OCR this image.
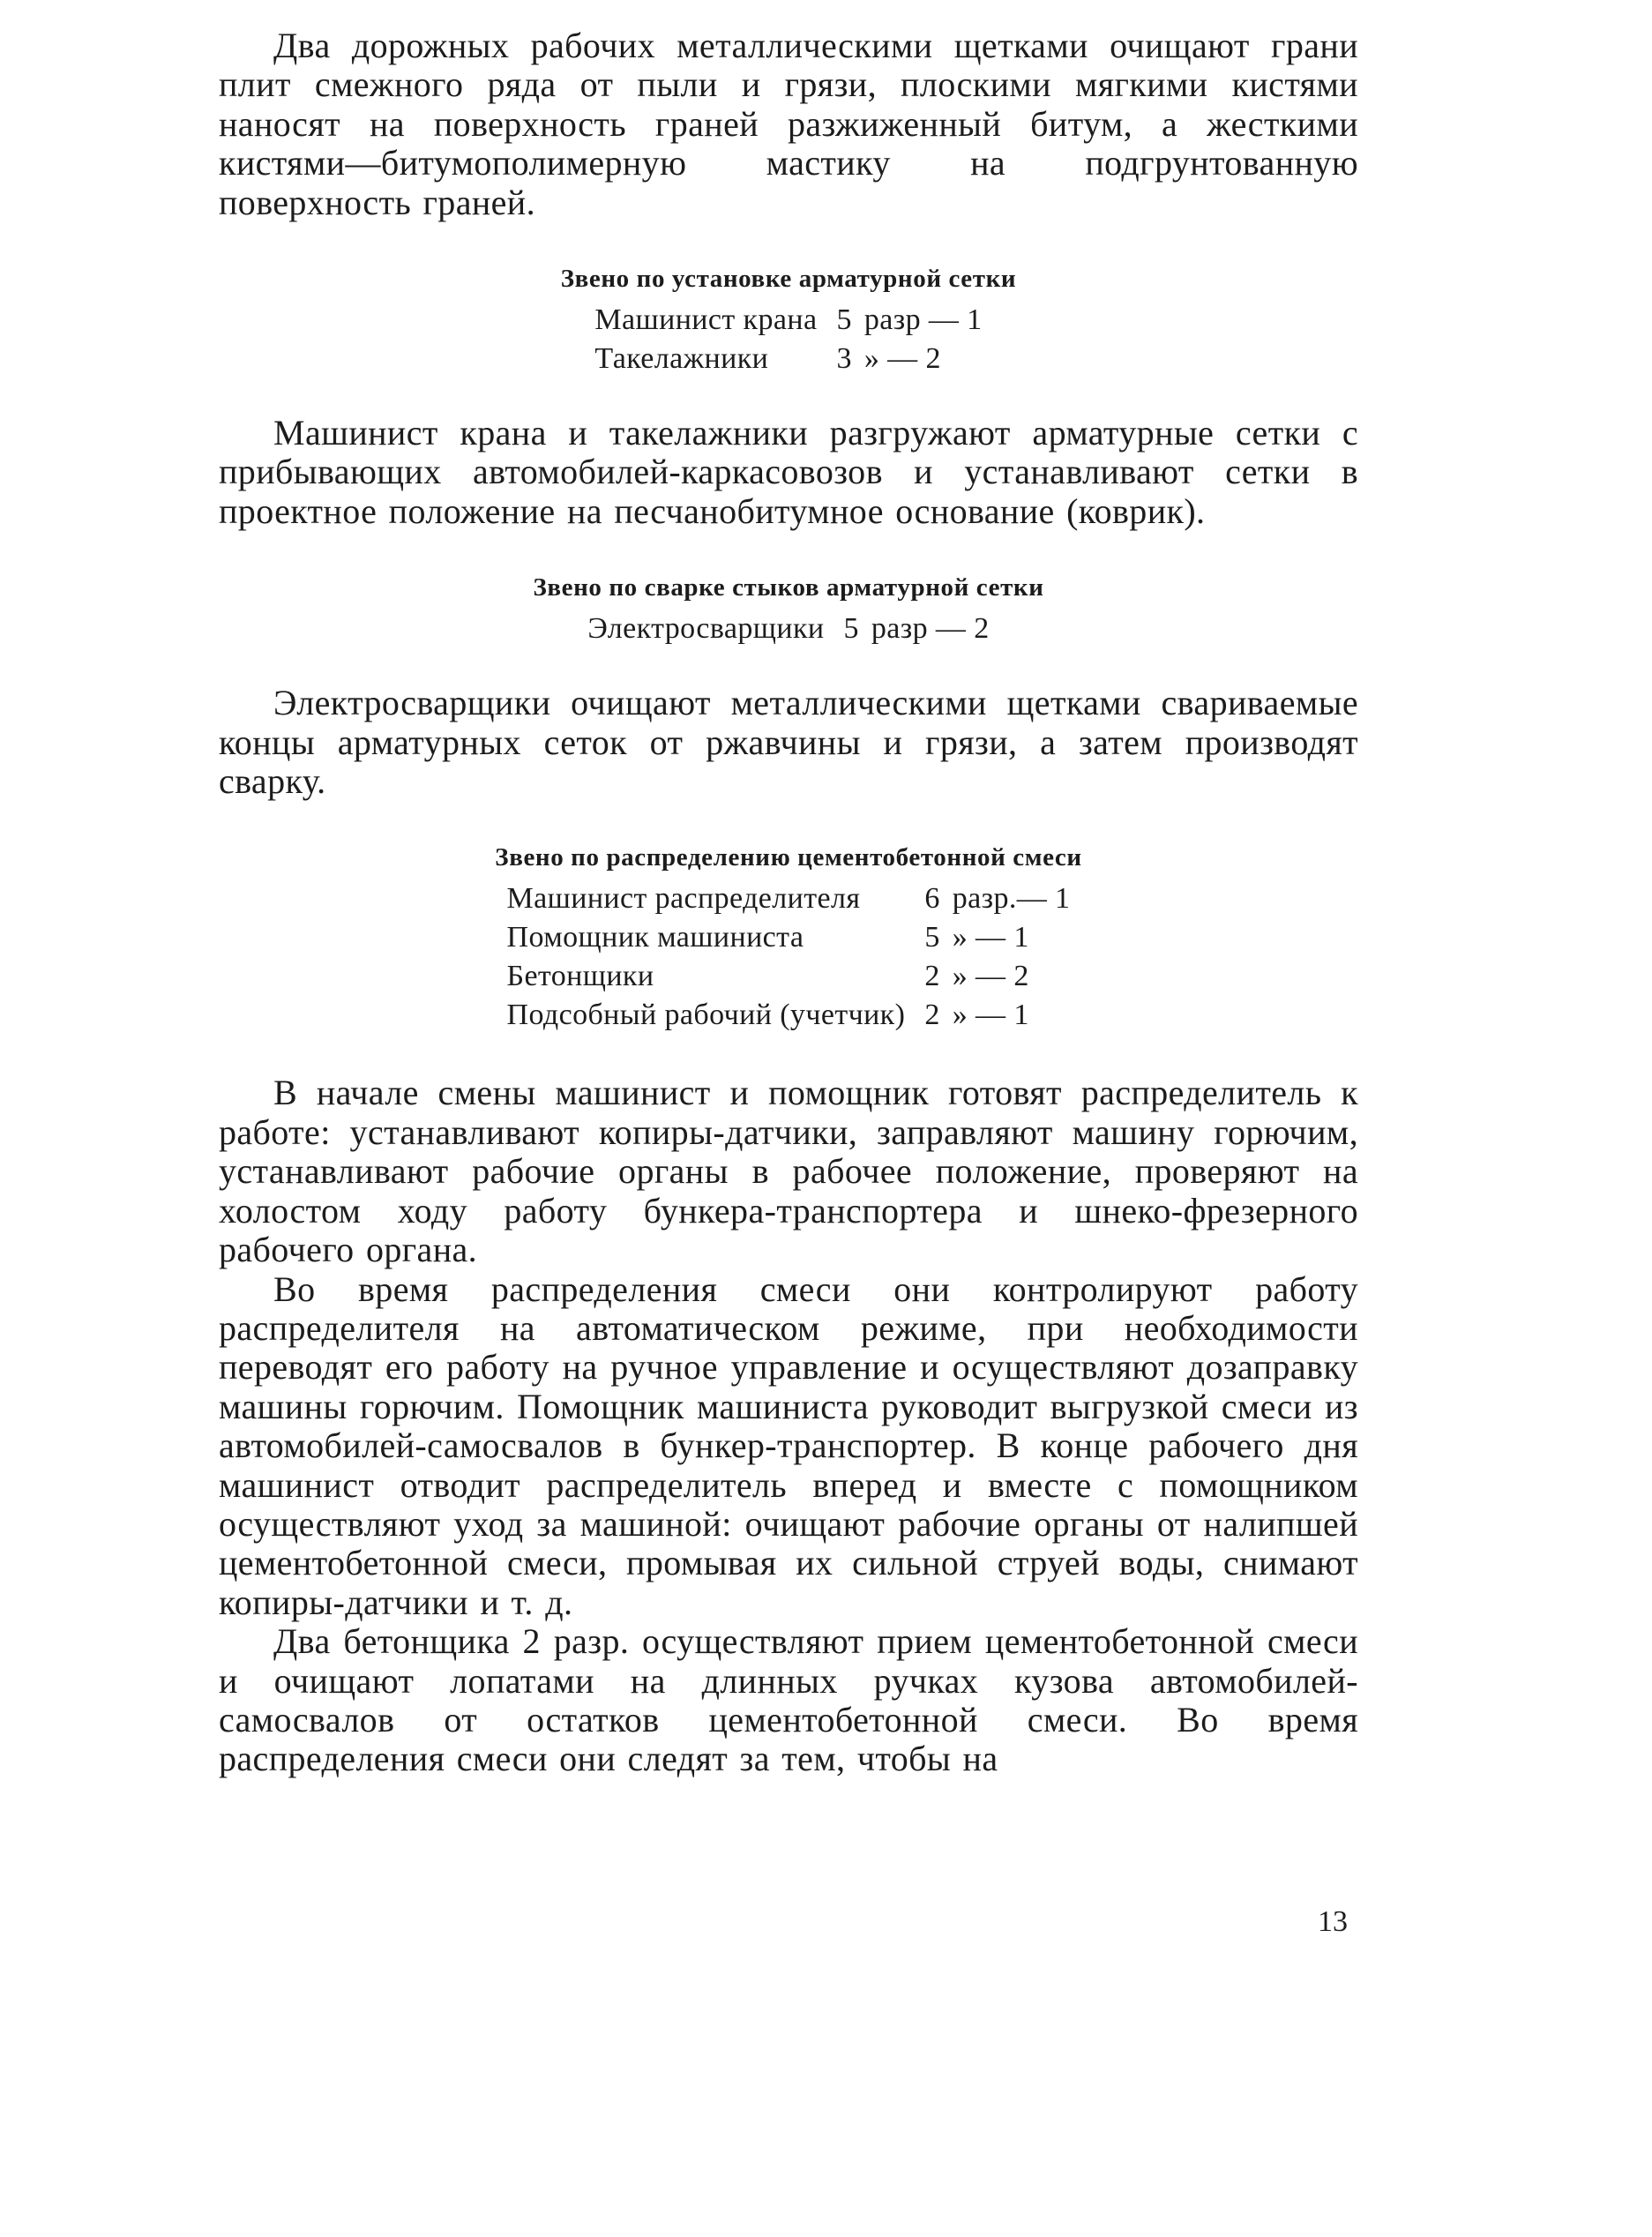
Два дорожных рабочих металлическими щетками очищают грани плит смежного ряда от пыли и грязи, плоскими мягкими кистями наносят на поверхность граней разжиженный битум, а жесткими кистями—битумополимерную мастику на подгрунтованную поверхность граней.

Звено по установке арматурной сетки
Машинист крана	5	разр — 1
Такелажники	3	» — 2

Машинист крана и такелажники разгружают арматурные сетки с прибывающих автомобилей-каркасовозов и устанавливают сетки в проектное положение на песчанобитумное основание (коврик).

Звено по сварке стыков арматурной сетки
Электросварщики	5	разр — 2

Электросварщики очищают металлическими щетками свариваемые концы арматурных сеток от ржавчины и грязи, а затем производят сварку.

Звено по распределению цементобетонной смеси
Машинист распределителя	6	разр.— 1
Помощник машиниста	5	» — 1
Бетонщики	2	» — 2
Подсобный рабочий (учетчик)	2	» — 1

В начале смены машинист и помощник готовят распределитель к работе: устанавливают копиры-датчики, заправляют машину горючим, устанавливают рабочие органы в рабочее положение, проверяют на холостом ходу работу бункера-транспортера и шнеко-фрезерного рабочего органа.

Во время распределения смеси они контролируют работу распределителя на автоматическом режиме, при необходимости переводят его работу на ручное управление и осуществляют дозаправку машины горючим. Помощник машиниста руководит выгрузкой смеси из автомобилей-самосвалов в бункер-транспортер. В конце рабочего дня машинист отводит распределитель вперед и вместе с помощником осуществляют уход за машиной: очищают рабочие органы от налипшей цементобетонной смеси, промывая их сильной струей воды, снимают копиры-датчики и т. д.

Два бетонщика 2 разр. осуществляют прием цементобетонной смеси и очищают лопатами на длинных ручках кузова автомобилей-самосвалов от остатков цементобетонной смеси. Во время распределения смеси они следят за тем, чтобы на

13
